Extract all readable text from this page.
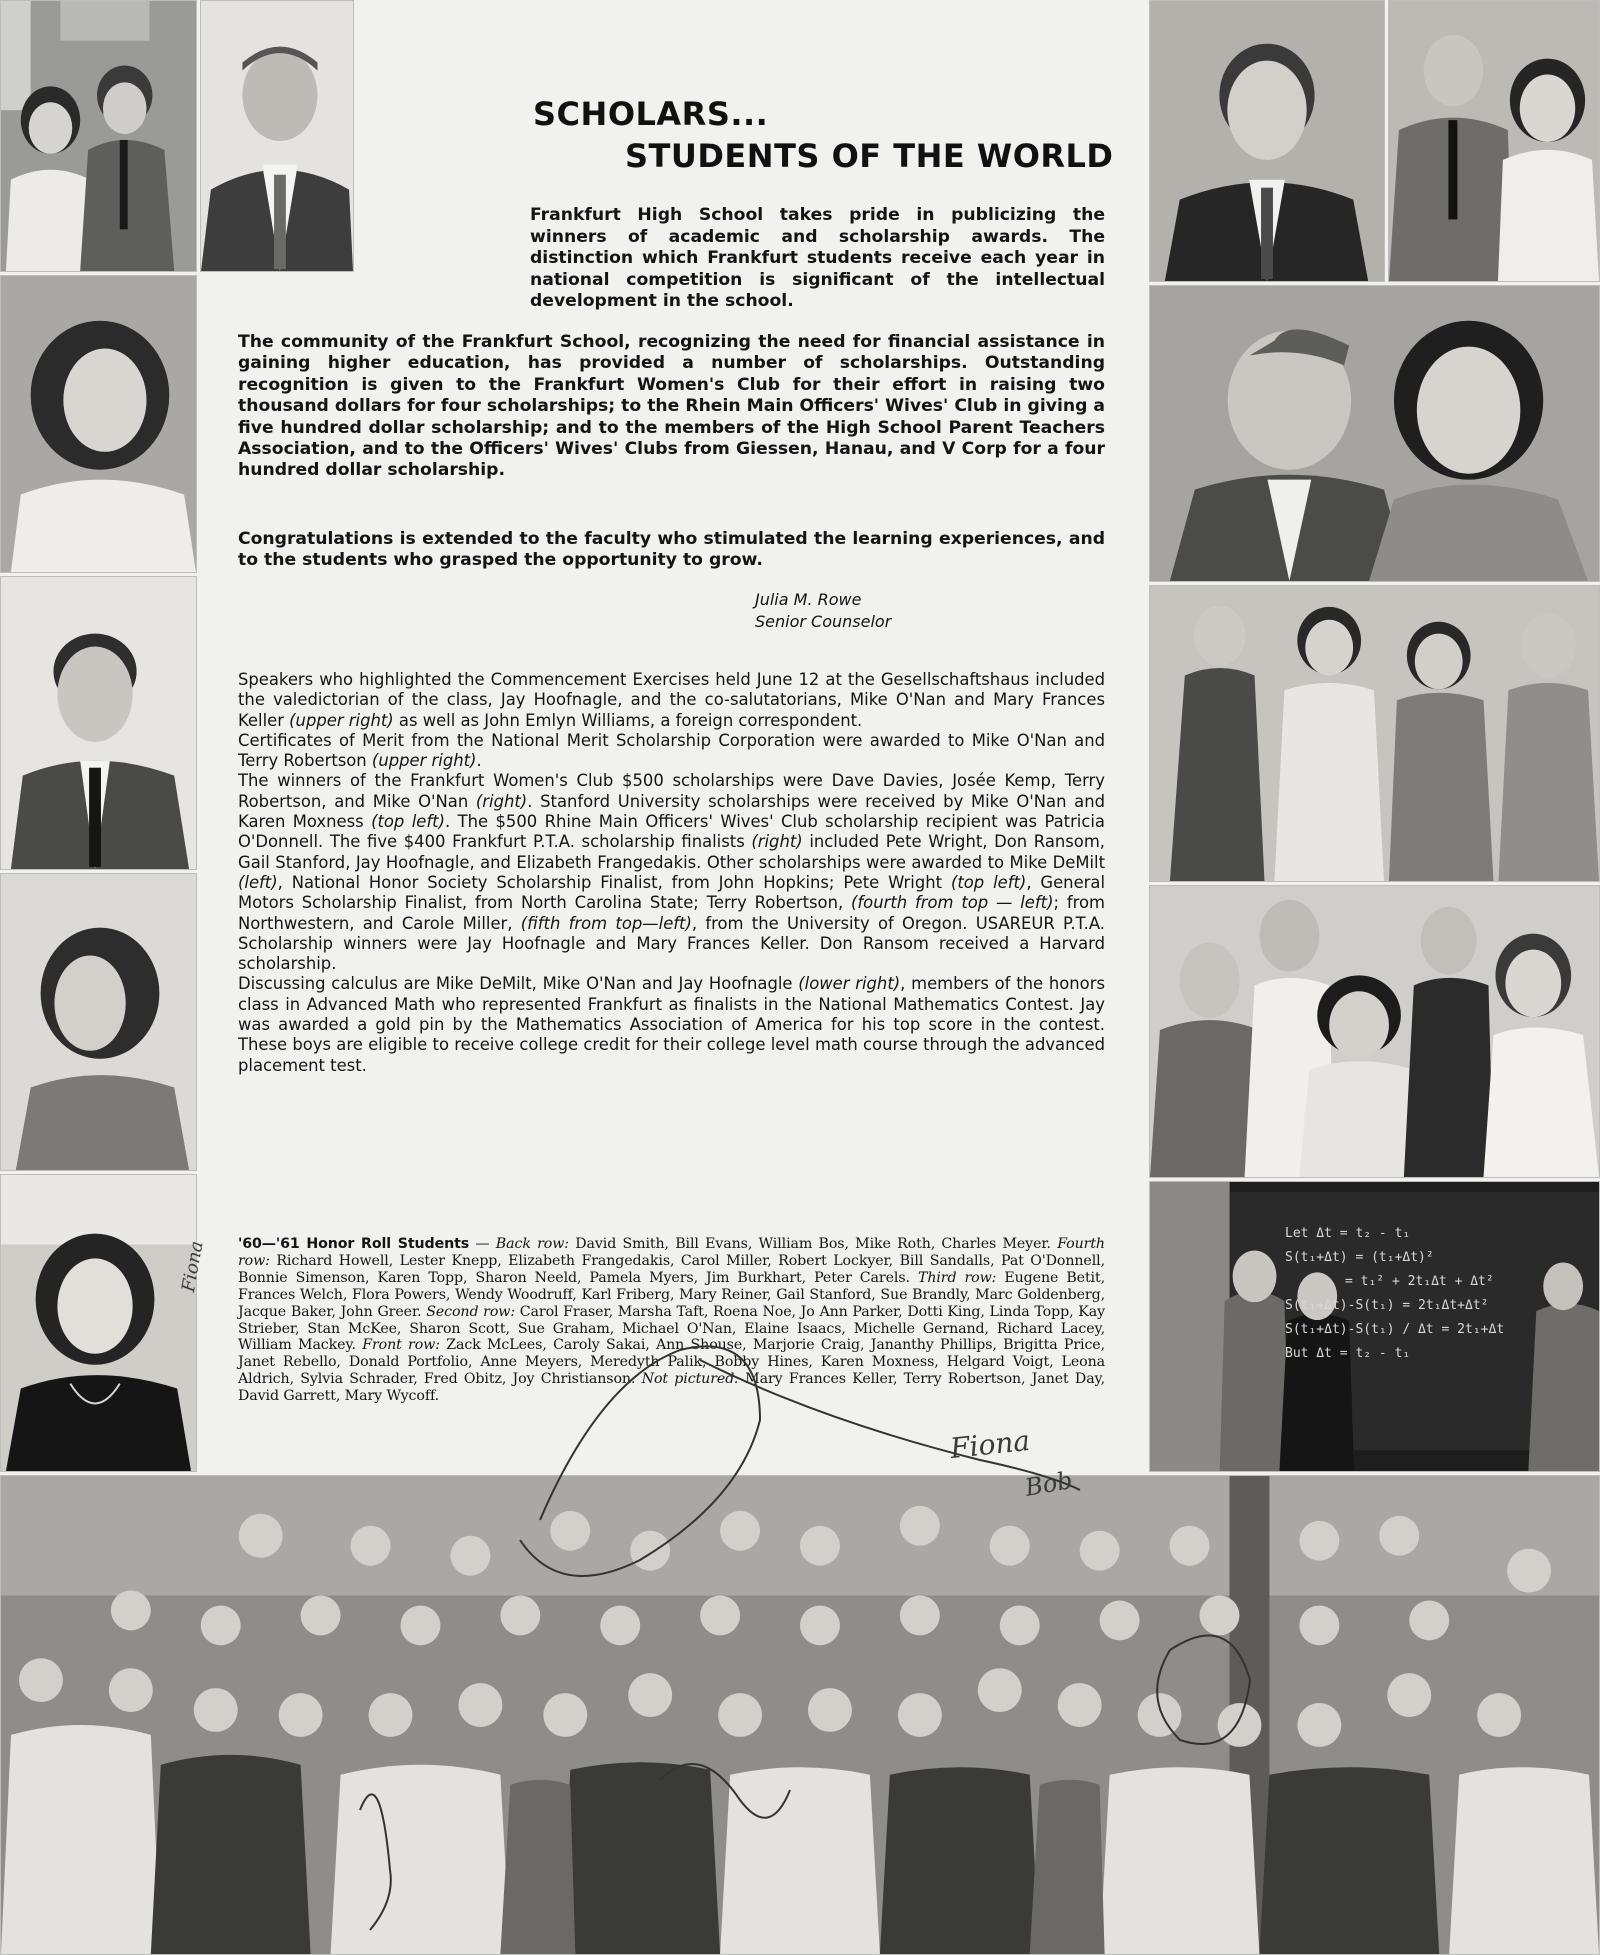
Let Δt = t₂ - t₁
S(t₁+Δt) = (t₁+Δt)²
= t₁² + 2t₁Δt + Δt²
S(t₁+Δt)-S(t₁) = 2t₁Δt+Δt²
S(t₁+Δt)-S(t₁) / Δt = 2t₁+Δt
But Δt = t₂ - t₁
SCHOLARS...
STUDENTS OF THE WORLD

Frankfurt High School takes pride in publicizing the winners of academic and scholarship awards. The distinction which Frankfurt students receive each year in national competition is significant of the intellectual development in the school.

The community of the Frankfurt School, recognizing the need for financial assistance in gaining higher education, has provided a number of scholarships. Outstanding recognition is given to the Frankfurt Women's Club for their effort in raising two thousand dollars for four scholarships; to the Rhein Main Officers' Wives' Club in giving a five hundred dollar scholarship; and to the members of the High School Parent Teachers Association, and to the Officers' Wives' Clubs from Giessen, Hanau, and V Corp for a four hundred dollar scholarship.

Congratulations is extended to the faculty who stimulated the learning experiences, and to the students who grasped the opportunity to grow.

Julia M. Rowe
Senior Counselor

Speakers who highlighted the Commencement Exercises held June 12 at the Gesellschaftshaus included the valedictorian of the class, Jay Hoofnagle, and the co-salutatorians, Mike O'Nan and Mary Frances Keller (upper right) as well as John Emlyn Williams, a foreign correspondent.

Certificates of Merit from the National Merit Scholarship Corporation were awarded to Mike O'Nan and Terry Robertson (upper right).

The winners of the Frankfurt Women's Club $500 scholarships were Dave Davies, Josée Kemp, Terry Robertson, and Mike O'Nan (right). Stanford University scholarships were received by Mike O'Nan and Karen Moxness (top left). The $500 Rhine Main Officers' Wives' Club scholarship recipient was Patricia O'Donnell. The five $400 Frankfurt P.T.A. scholarship finalists (right) included Pete Wright, Don Ransom, Gail Stanford, Jay Hoofnagle, and Elizabeth Frangedakis. Other scholarships were awarded to Mike DeMilt (left), National Honor Society Scholarship Finalist, from John Hopkins; Pete Wright (top left), General Motors Scholarship Finalist, from North Carolina State; Terry Robertson, (fourth from top — left); from Northwestern, and Carole Miller, (fifth from top—left), from the University of Oregon. USAREUR P.T.A. Scholarship winners were Jay Hoofnagle and Mary Frances Keller. Don Ransom received a Harvard scholarship.

Discussing calculus are Mike DeMilt, Mike O'Nan and Jay Hoofnagle (lower right), members of the honors class in Advanced Math who represented Frankfurt as finalists in the National Mathematics Contest. Jay was awarded a gold pin by the Mathematics Association of America for his top score in the contest. These boys are eligible to receive college credit for their college level math course through the advanced placement test.

'60—'61 Honor Roll Students — Back row: David Smith, Bill Evans, William Bos, Mike Roth, Charles Meyer. Fourth row: Richard Howell, Lester Knepp, Elizabeth Frangedakis, Carol Miller, Robert Lockyer, Bill Sandalls, Pat O'Donnell, Bonnie Simenson, Karen Topp, Sharon Neeld, Pamela Myers, Jim Burkhart, Peter Carels. Third row: Eugene Betit, Frances Welch, Flora Powers, Wendy Woodruff, Karl Friberg, Mary Reiner, Gail Stanford, Sue Brandly, Marc Goldenberg, Jacque Baker, John Greer. Second row: Carol Fraser, Marsha Taft, Roena Noe, Jo Ann Parker, Dotti King, Linda Topp, Kay Strieber, Stan McKee, Sharon Scott, Sue Graham, Michael O'Nan, Elaine Isaacs, Michelle Gernand, Richard Lacey, William Mackey. Front row: Zack McLees, Caroly Sakai, Ann Shouse, Marjorie Craig, Jananthy Phillips, Brigitta Price, Janet Rebello, Donald Portfolio, Anne Meyers, Meredyth Palik, Bobby Hines, Karen Moxness, Helgard Voigt, Leona Aldrich, Sylvia Schrader, Fred Obitz, Joy Christianson. Not pictured: Mary Frances Keller, Terry Robertson, Janet Day, David Garrett, Mary Wycoff.

Fiona
Fiona
Bob
